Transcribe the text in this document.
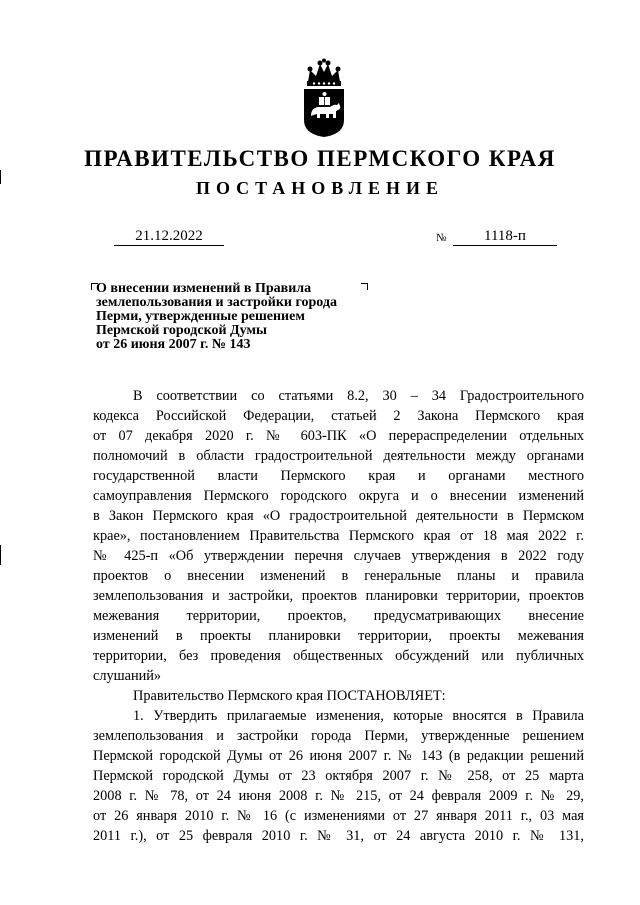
ПРАВИТЕЛЬСТВО ПЕРМСКОГО КРАЯ
ПОСТАНОВЛЕНИЕ
21.12.2022	№	1118-п
О внесении изменений в Правила
землепользования и застройки города
Перми, утвержденные решением
Пермской городской Думы
от 26 июня 2007 г. № 143
В соответствии со статьями 8.2, 30 – 34 Градостроительного
кодекса Российской Федерации, статьей 2 Закона Пермского края
от 07 декабря 2020 г. № 603-ПК «О перераспределении отдельных
полномочий в области градостроительной деятельности между органами
государственной власти Пермского края и органами местного
самоуправления Пермского городского округа и о внесении изменений
в Закон Пермского края «О градостроительной деятельности в Пермском
крае», постановлением Правительства Пермского края от 18 мая 2022 г.
№ 425-п «Об утверждении перечня случаев утверждения в 2022 году
проектов о внесении изменений в генеральные планы и правила
землепользования и застройки, проектов планировки территории, проектов
межевания территории, проектов, предусматривающих внесение
изменений в проекты планировки территории, проекты межевания
территории, без проведения общественных обсуждений или публичных
слушаний»
Правительство Пермского края ПОСТАНОВЛЯЕТ:
1. Утвердить прилагаемые изменения, которые вносятся в Правила
землепользования и застройки города Перми, утвержденные решением
Пермской городской Думы от 26 июня 2007 г. № 143 (в редакции решений
Пермской городской Думы от 23 октября 2007 г. № 258, от 25 марта
2008 г. № 78, от 24 июня 2008 г. № 215, от 24 февраля 2009 г. № 29,
от 26 января 2010 г. № 16 (с изменениями от 27 января 2011 г., 03 мая
2011 г.), от 25 февраля 2010 г. № 31, от 24 августа 2010 г. № 131,
